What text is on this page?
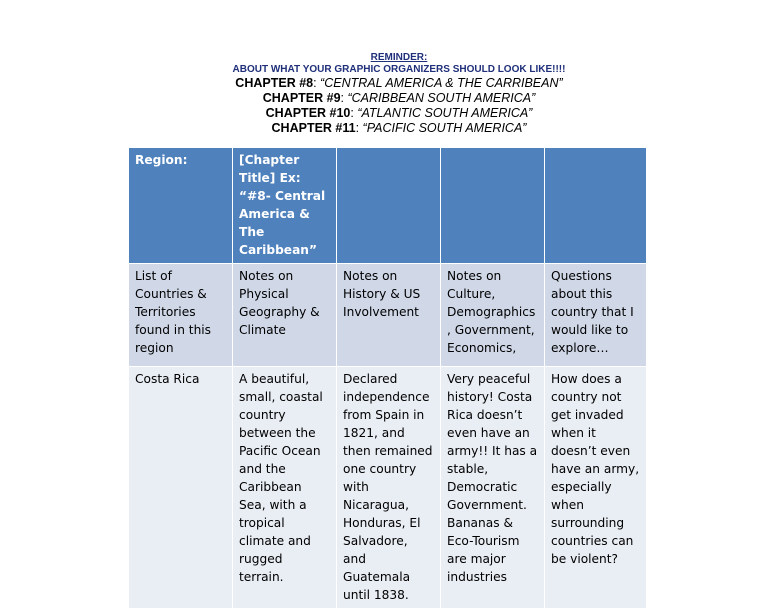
REMINDER:
ABOUT WHAT YOUR GRAPHIC ORGANIZERS SHOULD LOOK LIKE!!!!
CHAPTER #8: “CENTRAL AMERICA & THE CARRIBEAN”
CHAPTER #9: “CARIBBEAN SOUTH AMERICA”
CHAPTER #10: “ATLANTIC SOUTH AMERICA”
CHAPTER #11: “PACIFIC SOUTH AMERICA”
Region:	[Chapter Title] Ex: “#8- Central America & The Caribbean”			
List of Countries & Territories found in this region	Notes on Physical Geography & Climate	Notes on History & US Involvement	Notes on Culture, Demographics, Government, Economics,	Questions about this country that I would like to explore…
Costa Rica	A beautiful, small, coastal country between the Pacific Ocean and the Caribbean Sea, with a tropical climate and rugged terrain.	Declared independence from Spain in 1821, and then remained one country with Nicaragua, Honduras, El Salvadore, and Guatemala until 1838.	Very peaceful history! Costa Rica doesn’t even have an army!! It has a stable, Democratic Government. Bananas & Eco-Tourism are major industries	How does a country not get invaded when it doesn’t even have an army, especially when surrounding countries can be violent?
